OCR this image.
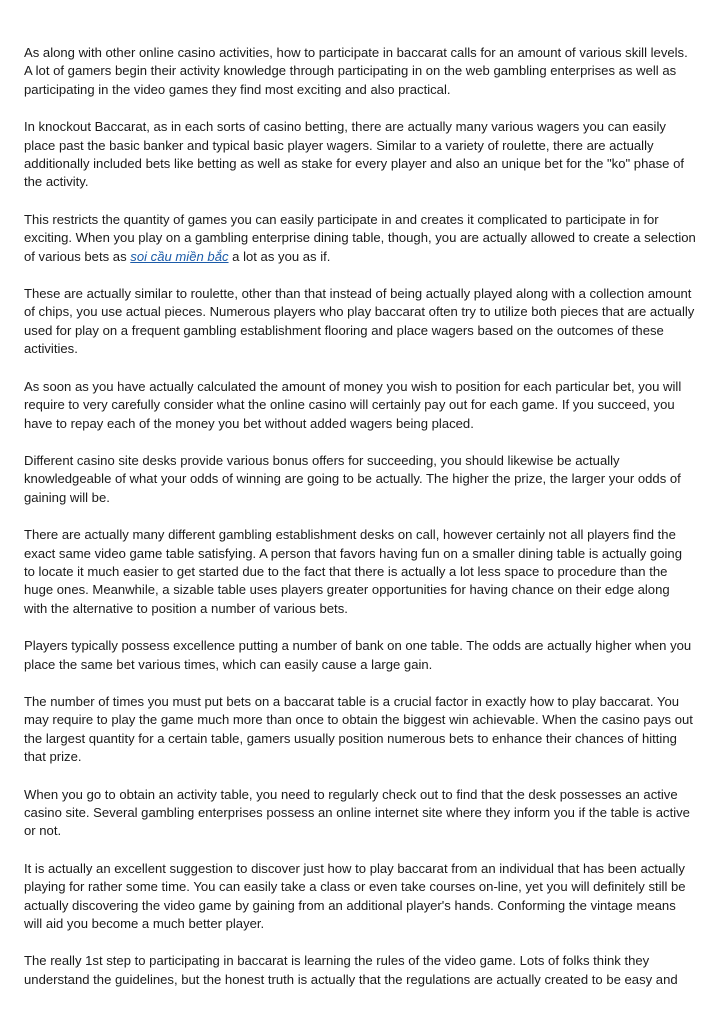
As along with other online casino activities, how to participate in baccarat calls for an amount of various skill levels. A lot of gamers begin their activity knowledge through participating in on the web gambling enterprises as well as participating in the video games they find most exciting and also practical.

In knockout Baccarat, as in each sorts of casino betting, there are actually many various wagers you can easily place past the basic banker and typical basic player wagers. Similar to a variety of roulette, there are actually additionally included bets like betting as well as stake for every player and also an unique bet for the "ko" phase of the activity.

This restricts the quantity of games you can easily participate in and creates it complicated to participate in for exciting. When you play on a gambling enterprise dining table, though, you are actually allowed to create a selection of various bets as soi cầu miền bắc a lot as you as if.

These are actually similar to roulette, other than that instead of being actually played along with a collection amount of chips, you use actual pieces. Numerous players who play baccarat often try to utilize both pieces that are actually used for play on a frequent gambling establishment flooring and place wagers based on the outcomes of these activities.

As soon as you have actually calculated the amount of money you wish to position for each particular bet, you will require to very carefully consider what the online casino will certainly pay out for each game. If you succeed, you have to repay each of the money you bet without added wagers being placed.

Different casino site desks provide various bonus offers for succeeding, you should likewise be actually knowledgeable of what your odds of winning are going to be actually. The higher the prize, the larger your odds of gaining will be.

There are actually many different gambling establishment desks on call, however certainly not all players find the exact same video game table satisfying. A person that favors having fun on a smaller dining table is actually going to locate it much easier to get started due to the fact that there is actually a lot less space to procedure than the huge ones. Meanwhile, a sizable table uses players greater opportunities for having chance on their edge along with the alternative to position a number of various bets.

Players typically possess excellence putting a number of bank on one table. The odds are actually higher when you place the same bet various times, which can easily cause a large gain.

The number of times you must put bets on a baccarat table is a crucial factor in exactly how to play baccarat. You may require to play the game much more than once to obtain the biggest win achievable. When the casino pays out the largest quantity for a certain table, gamers usually position numerous bets to enhance their chances of hitting that prize.

When you go to obtain an activity table, you need to regularly check out to find that the desk possesses an active casino site. Several gambling enterprises possess an online internet site where they inform you if the table is active or not.

It is actually an excellent suggestion to discover just how to play baccarat from an individual that has been actually playing for rather some time. You can easily take a class or even take courses on-line, yet you will definitely still be actually discovering the video game by gaining from an additional player's hands. Conforming the vintage means will aid you become a much better player.

The really 1st step to participating in baccarat is learning the rules of the video game. Lots of folks think they understand the guidelines, but the honest truth is actually that the regulations are actually created to be easy and
